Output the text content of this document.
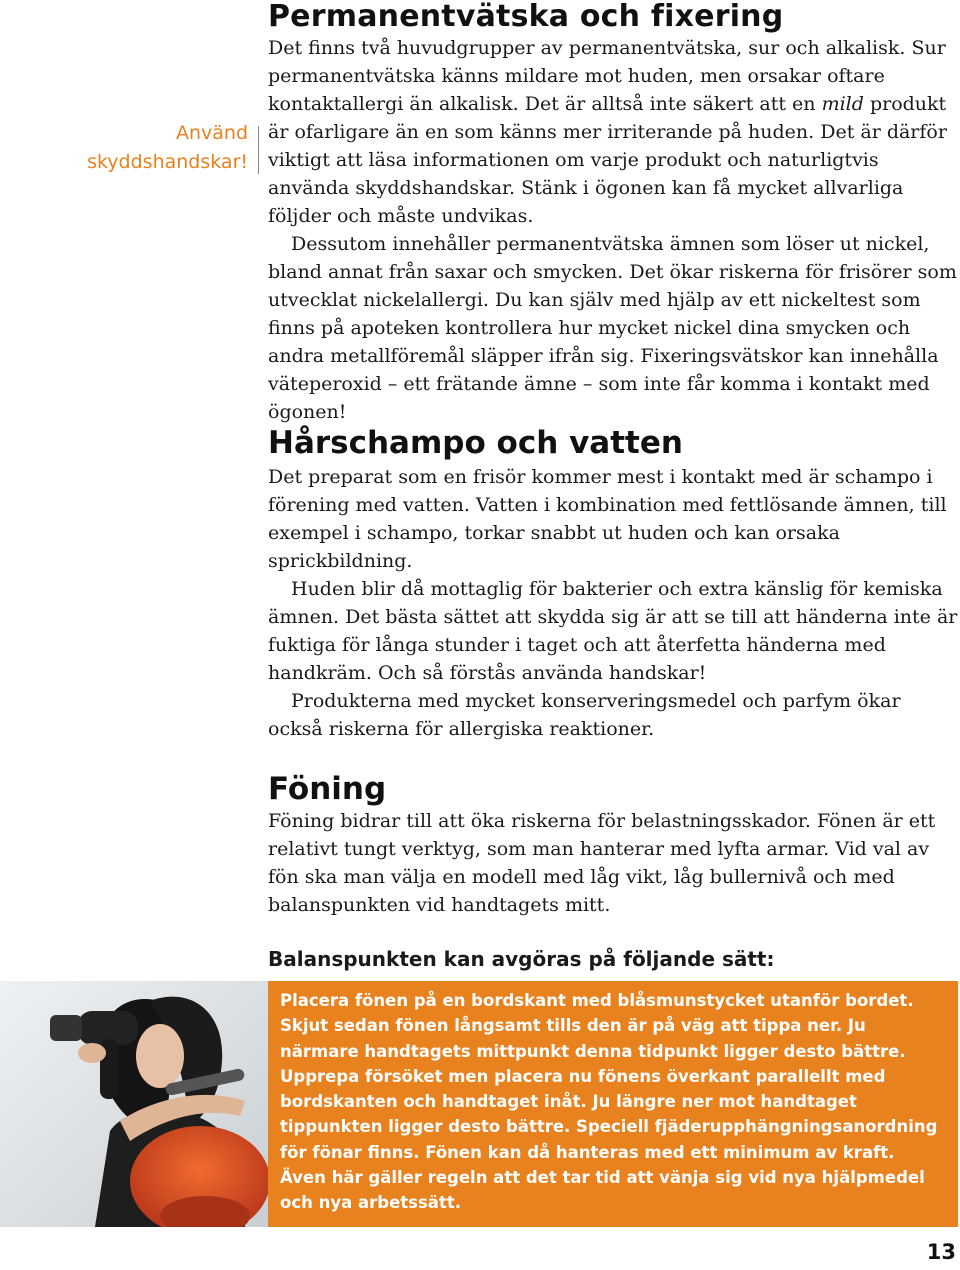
Använd
skyddshandskar!
Permanentvätska och fixering

Det finns två huvudgrupper av permanentvätska, sur och alkalisk. Sur permanentvätska känns mildare mot huden, men orsakar oftare kontaktallergi än alkalisk. Det är alltså inte säkert att en mild produkt är ofarligare än en som känns mer irriterande på huden. Det är därför viktigt att läsa informationen om varje produkt och naturligtvis använda skyddshandskar. Stänk i ögonen kan få mycket allvarliga följder och måste undvikas.

Dessutom innehåller permanentvätska ämnen som löser ut nickel, bland annat från saxar och smycken. Det ökar riskerna för frisörer som utvecklat nickelallergi. Du kan själv med hjälp av ett nickeltest som finns på apoteken kontrollera hur mycket nickel dina smycken och andra metallföremål släpper ifrån sig. Fixeringsvätskor kan innehålla väteperoxid – ett frätande ämne – som inte får komma i kontakt med ögonen!

Hårschampo och vatten

Det preparat som en frisör kommer mest i kontakt med är schampo i förening med vatten. Vatten i kombination med fettlösande ämnen, till exempel i schampo, torkar snabbt ut huden och kan orsaka sprickbildning.

Huden blir då mottaglig för bakterier och extra känslig för kemiska ämnen. Det bästa sättet att skydda sig är att se till att händerna inte är fuktiga för långa stunder i taget och att återfetta händerna med handkräm. Och så förstås använda handskar!

Produkterna med mycket konserveringsmedel och parfym ökar också riskerna för allergiska reaktioner.

Föning

Föning bidrar till att öka riskerna för belastningsskador. Fönen är ett relativt tungt verktyg, som man hanterar med lyfta armar. Vid val av fön ska man välja en modell med låg vikt, låg bullernivå och med balanspunkten vid handtagets mitt.

Balanspunkten kan avgöras på följande sätt:

Placera fönen på en bordskant med blåsmunstycket utanför bordet. Skjut sedan fönen långsamt tills den är på väg att tippa ner. Ju närmare handtagets mittpunkt denna tidpunkt ligger desto bättre. Upprepa försöket men placera nu fönens överkant parallellt med bordskanten och handtaget inåt. Ju längre ner mot handtaget tippunkten ligger desto bättre. Speciell fjäderupphängningsanordning för fönar finns. Fönen kan då hanteras med ett minimum av kraft. Även här gäller regeln att det tar tid att vänja sig vid nya hjälpmedel och nya arbetssätt.
13
